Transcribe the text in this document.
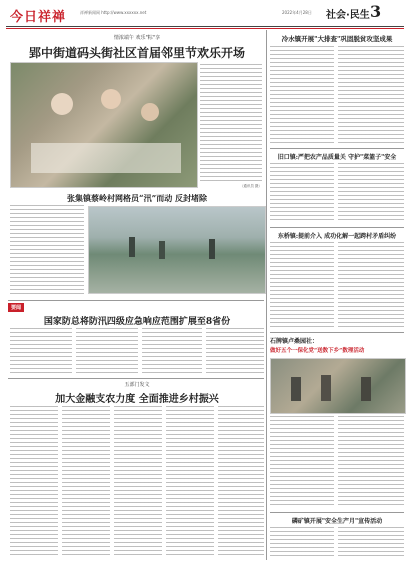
今日祥禅	祥禅新闻网 http://www.xxxxxx.net	2022年4月28日 社会·民生 3
情浓端午 欢乐"粽"享
郢中街道码头街社区首届邻里节欢乐开场
（通讯员 摄）
张集镇蔡岭村网格员“汛”而动 反封堵除
要闻
国家防总将防汛四级应急响应范围扩展至8省份
五部门发文
加大金融支农力度 全面推进乡村振兴
冷水镇开展"大排查"巩固脱贫攻坚成果
旧口镇:严把农产品质量关 守护"菜篮子"安全
东桥镇:提前介入 成功化解一起跨村矛盾纠纷
石牌镇卢桑园社：
做好五个一保化党“送数下乡”数理活动
磷矿镇开展"安全生产月"宣传活动
